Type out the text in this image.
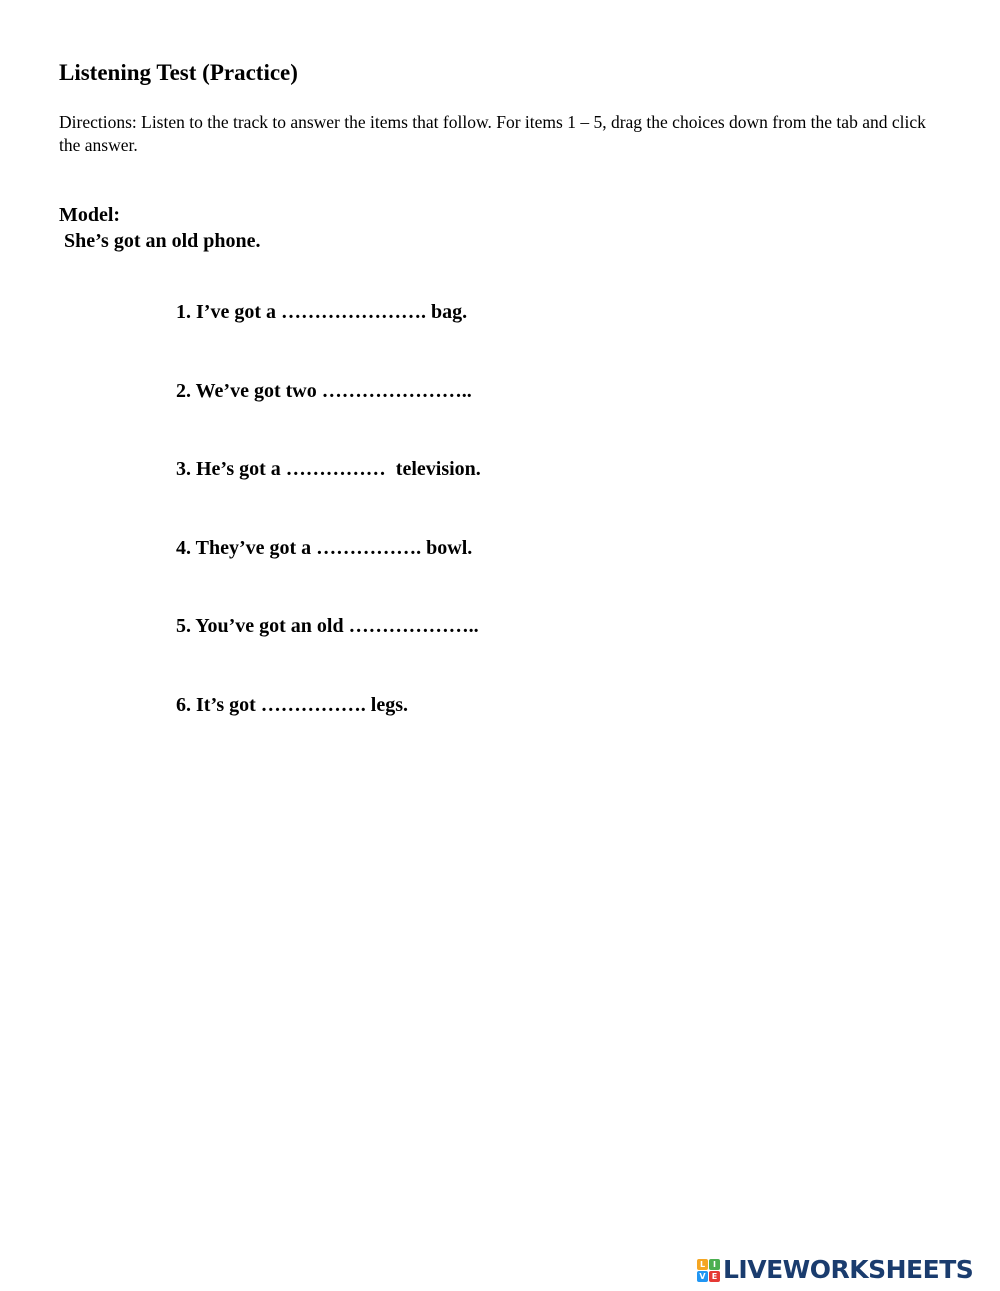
Listening Test (Practice)

Directions: Listen to the track to answer the items that follow. For items 1 – 5, drag the choices down from the tab and click the answer.

Model:
She’s got an old phone.
1. I’ve got a …………………. bag.
2. We’ve got two …………………..
3. He’s got a ……………  television.
4. They’ve got a ……………. bowl.
5. You’ve got an old ………………..
6. It’s got ……………. legs.
L I
V E LIVEWORKSHEETS
